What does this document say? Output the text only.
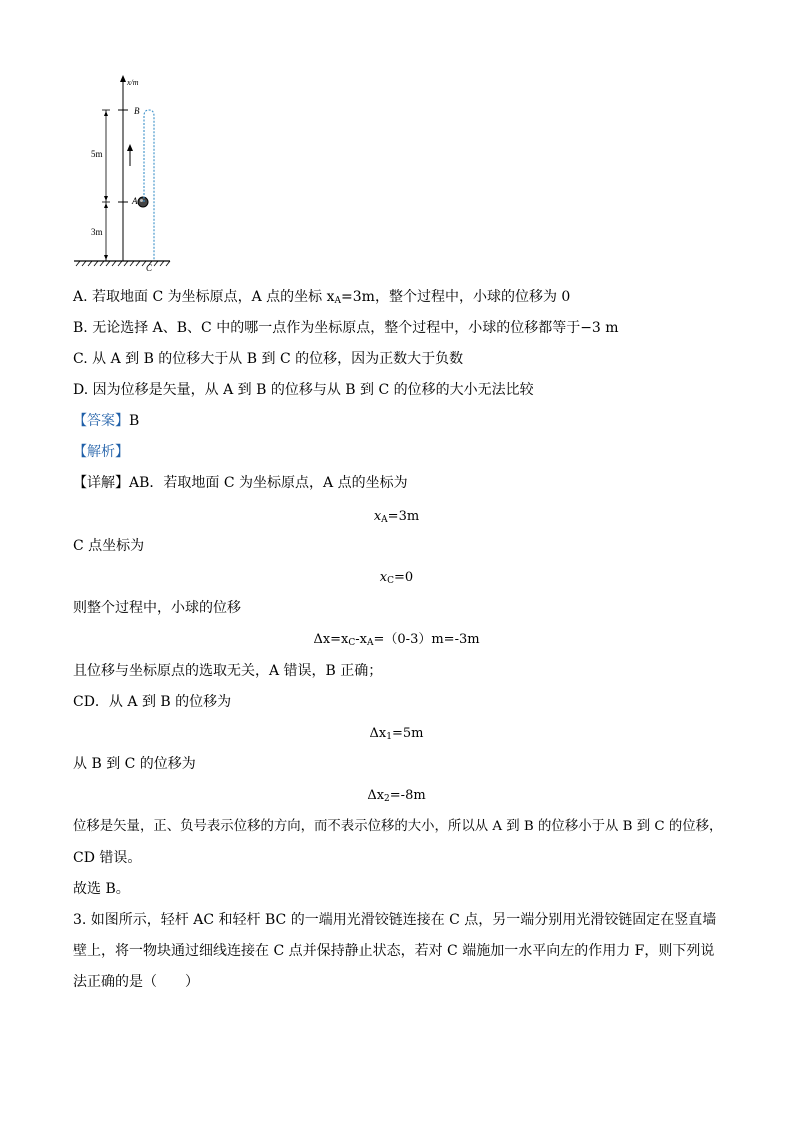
x/m
5m
3m
B
A
C
A. 若取地面 C 为坐标原点，A 点的坐标 $x_A=3m$，整个过程中，小球的位移为 0
B. 无论选择 A、B、C 中的哪一点作为坐标原点，整个过程中，小球的位移都等于−3 m
C. 从 A 到 B 的位移大于从 B 到 C 的位移，因为正数大于负数
D. 因为位移是矢量，从 A 到 B 的位移与从 B 到 C 的位移的大小无法比较
【答案】B
【解析】
【详解】AB．若取地面 C 为坐标原点，A 点的坐标为
$x_A=3m$
C 点坐标为
$x_C=0$
则整个过程中，小球的位移
$\Delta x=x_C-x_A=(0-3)m=-3m$
且位移与坐标原点的选取无关，A 错误，B 正确；
CD．从 A 到 B 的位移为
$\Delta x_1=5m$
从 B 到 C 的位移为
$\Delta x_2=-8m$
位移是矢量，正、负号表示位移的方向，而不表示位移的大小，所以从 A 到 B 的位移小于从 B 到 C 的位移，
CD 错误。
故选 B。
3. 如图所示，轻杆 AC 和轻杆 BC 的一端用光滑铰链连接在 C 点，另一端分别用光滑铰链固定在竖直墙壁上，将一物块通过细线连接在 C 点并保持静止状态，若对 C 端施加一水平向左的作用力 F，则下列说法正确的是（　　）
